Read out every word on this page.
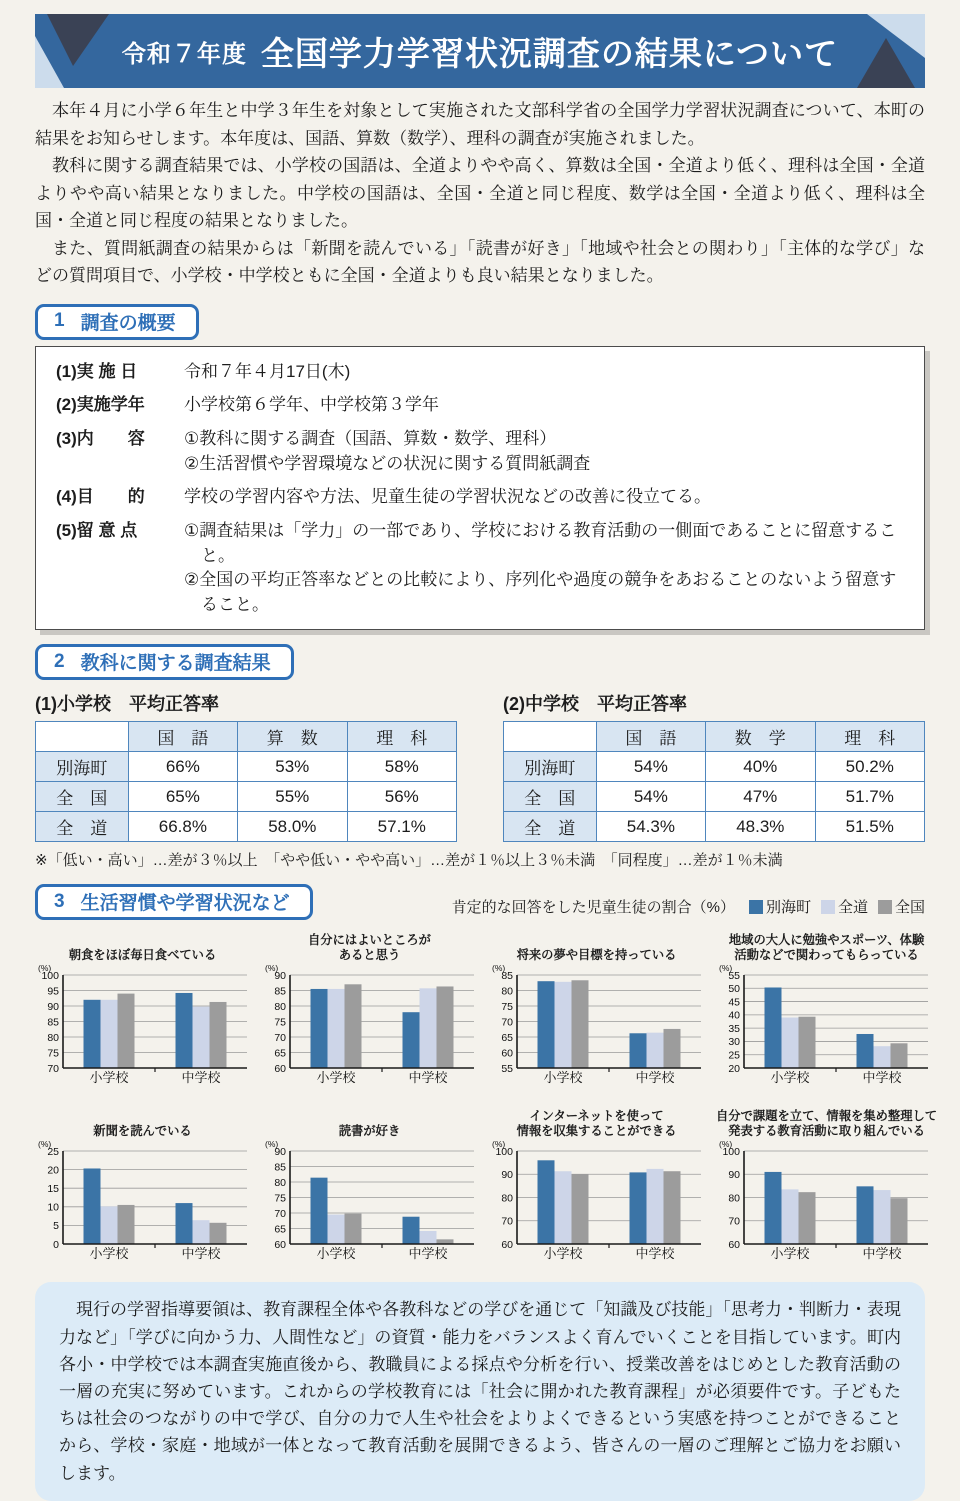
令和７年度 全国学力学習状況調査の結果について

本年４月に小学６年生と中学３年生を対象として実施された文部科学省の全国学力学習状況調査について、本町の結果をお知らせします。本年度は、国語、算数（数学）、理科の調査が実施されました。

教科に関する調査結果では、小学校の国語は、全道よりやや高く、算数は全国・全道より低く、理科は全国・全道よりやや高い結果となりました。中学校の国語は、全国・全道と同じ程度、数学は全国・全道より低く、理科は全国・全道と同じ程度の結果となりました。

また、質問紙調査の結果からは「新聞を読んでいる」「読書が好き」「地域や社会との関わり」「主体的な学び」などの質問項目で、小学校・中学校ともに全国・全道よりも良い結果となりました。

1 調査の概要
(1)実 施 日	令和７年４月17日(木)
(2)実施学年	小学校第６学年、中学校第３学年
(3)内　　容	①教科に関する調査（国語、算数・数学、理科）
②生活習慣や学習環境などの状況に関する質問紙調査
(4)目　　的	学校の学習内容や方法、児童生徒の学習状況などの改善に役立てる。
(5)留 意 点	①調査結果は「学力」の一部であり、学校における教育活動の一側面であることに留意すること。
②全国の平均正答率などとの比較により、序列化や過度の競争をあおることのないよう留意すること。
2 教科に関する調査結果
(1)小学校　平均正答率
	国　語	算　数	理　科
別海町	66%	53%	58%
全　国	65%	55%	56%
全　道	66.8%	58.0%	57.1%
(2)中学校　平均正答率
	国　語	数　学	理　科
別海町	54%	40%	50.2%
全　国	54%	47%	51.7%
全　道	54.3%	48.3%	51.5%
※「低い・高い」…差が３％以上　「やや低い・やや高い」…差が１％以上３％未満　「同程度」…差が１％未満
3 生活習慣や学習状況など	肯定的な回答をした児童生徒の割合（%） 別海町 全道 全国
朝食をほぼ毎日食べている
70
75
80
85
90
95
100
(%)
小学校	中学校
自分にはよいところが
あると思う
60
65
70
75
80
85
90
(%)
小学校	中学校
将来の夢や目標を持っている
55
60
65
70
75
80
85
(%)
小学校	中学校
地域の大人に勉強やスポーツ、体験
活動などで関わってもらっている
20
25
30
35
40
45
50
55
(%)
小学校	中学校
新聞を読んでいる
0
5
10
15
20
25
(%)
小学校	中学校
読書が好き
60
65
70
75
80
85
90
(%)
小学校	中学校
インターネットを使って
情報を収集することができる
60
70
80
90
100
(%)
小学校	中学校
自分で課題を立て、情報を集め整理して
発表する教育活動に取り組んでいる
60
70
80
90
100
(%)
小学校	中学校

現行の学習指導要領は、教育課程全体や各教科などの学びを通じて「知識及び技能」「思考力・判断力・表現力など」「学びに向かう力、人間性など」の資質・能力をバランスよく育んでいくことを目指しています。町内各小・中学校では本調査実施直後から、教職員による採点や分析を行い、授業改善をはじめとした教育活動の一層の充実に努めています。これからの学校教育には「社会に開かれた教育課程」が必須要件です。子どもたちは社会のつながりの中で学び、自分の力で人生や社会をよりよくできるという実感を持つことができることから、学校・家庭・地域が一体となって教育活動を展開できるよう、皆さんの一層のご理解とご協力をお願いします。
